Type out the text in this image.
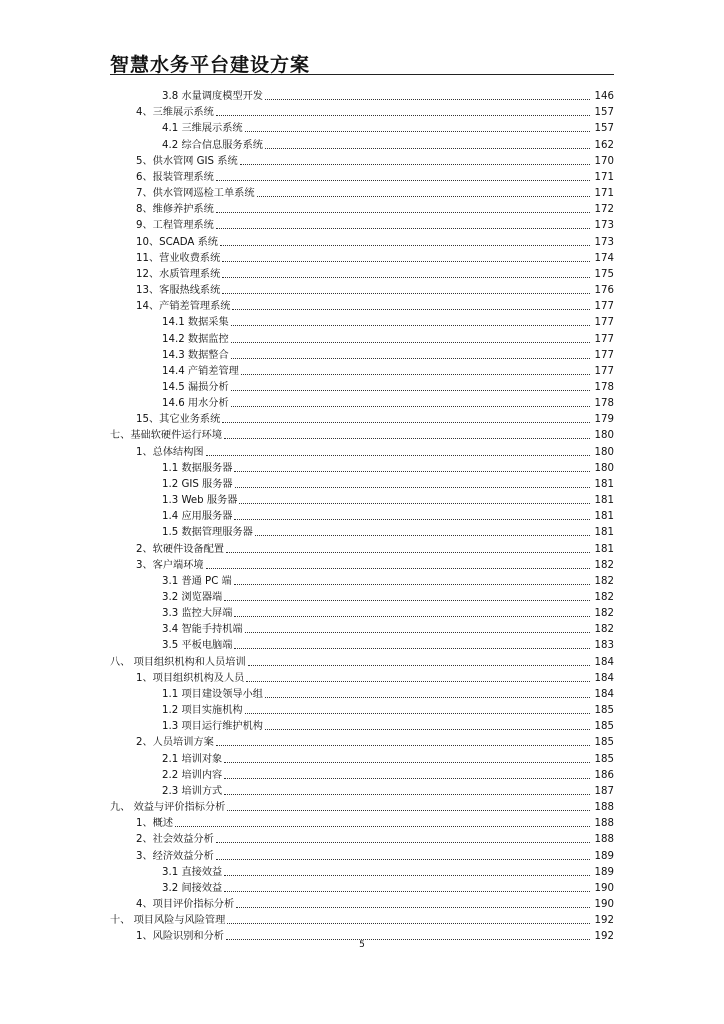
智慧水务平台建设方案
3.8 水量调度模型开发	146
4、三维展示系统	157
4.1 三维展示系统	157
4.2 综合信息服务系统	162
5、供水管网 GIS 系统	170
6、报装管理系统	171
7、供水管网巡检工单系统	171
8、维修养护系统	172
9、工程管理系统	173
10、SCADA 系统	173
11、营业收费系统	174
12、水质管理系统	175
13、客服热线系统	176
14、产销差管理系统	177
14.1 数据采集	177
14.2 数据监控	177
14.3 数据整合	177
14.4 产销差管理	177
14.5 漏损分析	178
14.6 用水分析	178
15、其它业务系统	179
七、基础软硬件运行环境	180
1、总体结构图	180
1.1 数据服务器	180
1.2 GIS 服务器	181
1.3 Web 服务器	181
1.4 应用服务器	181
1.5 数据管理服务器	181
2、软硬件设备配置	181
3、客户端环境	182
3.1 普通 PC 端	182
3.2 浏览器端	182
3.3 监控大屏端	182
3.4 智能手持机端	182
3.5 平板电脑端	183
八、 项目组织机构和人员培训	184
1、项目组织机构及人员	184
1.1 项目建设领导小组	184
1.2 项目实施机构	185
1.3 项目运行维护机构	185
2、人员培训方案	185
2.1 培训对象	185
2.2 培训内容	186
2.3 培训方式	187
九、 效益与评价指标分析	188
1、概述	188
2、社会效益分析	188
3、经济效益分析	189
3.1 直接效益	189
3.2 间接效益	190
4、项目评价指标分析	190
十、 项目风险与风险管理	192
1、风险识别和分析	192
5
